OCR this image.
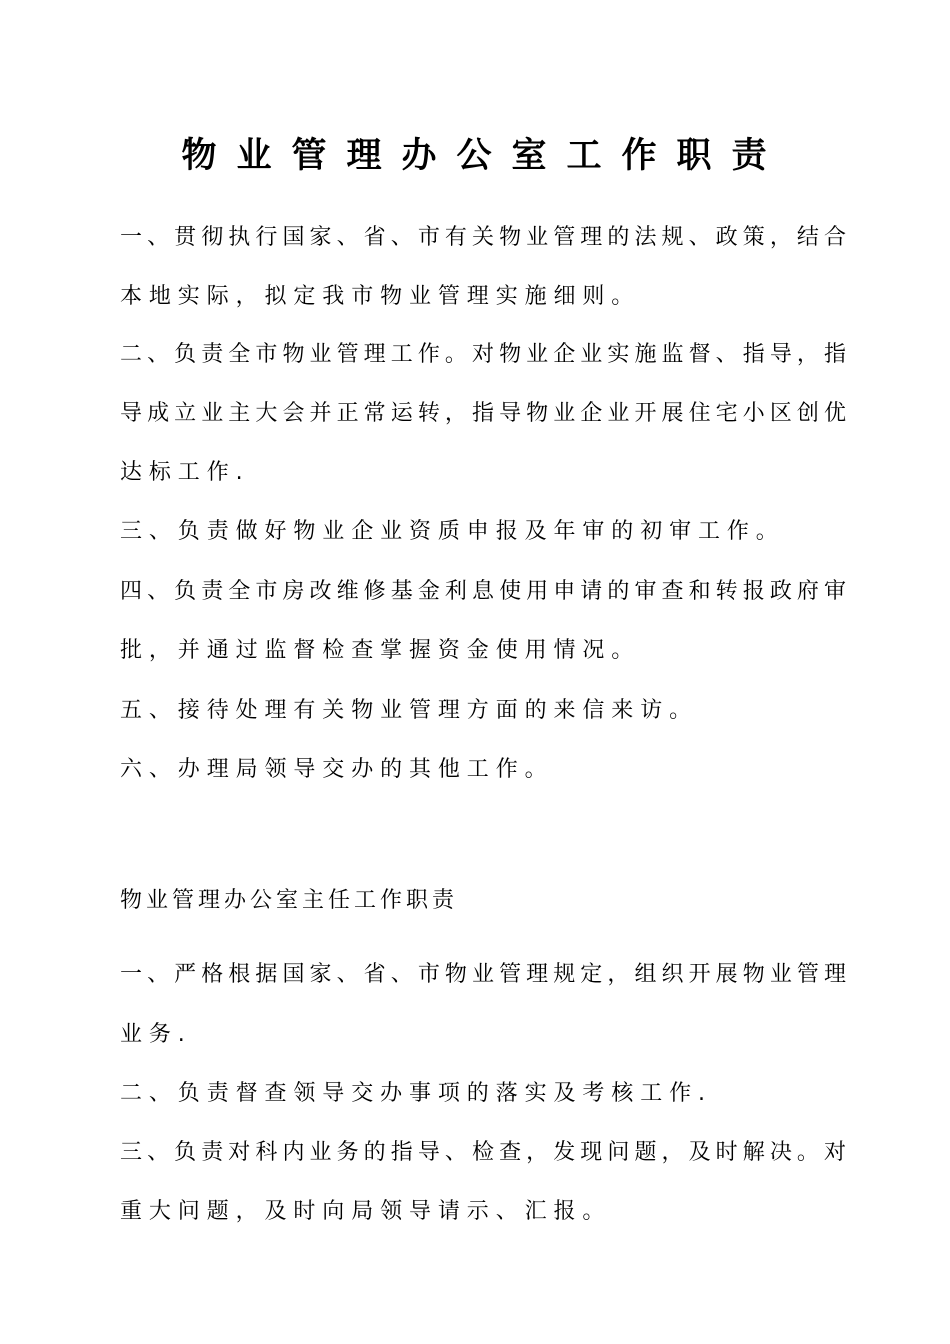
物业管理办公室工作职责
一、贯彻执行国家、省、市有关物业管理的法规、政策，结合
本地实际，拟定我市物业管理实施细则。
二、负责全市物业管理工作。对物业企业实施监督、指导，指
导成立业主大会并正常运转，指导物业企业开展住宅小区创优
达标工作.
三、负责做好物业企业资质申报及年审的初审工作。
四、负责全市房改维修基金利息使用申请的审查和转报政府审
批，并通过监督检查掌握资金使用情况。
五、接待处理有关物业管理方面的来信来访。
六、办理局领导交办的其他工作。
物业管理办公室主任工作职责
一、严格根据国家、省、市物业管理规定，组织开展物业管理
业务.
二、负责督查领导交办事项的落实及考核工作.
三、负责对科内业务的指导、检查，发现问题，及时解决。对
重大问题，及时向局领导请示、汇报。
